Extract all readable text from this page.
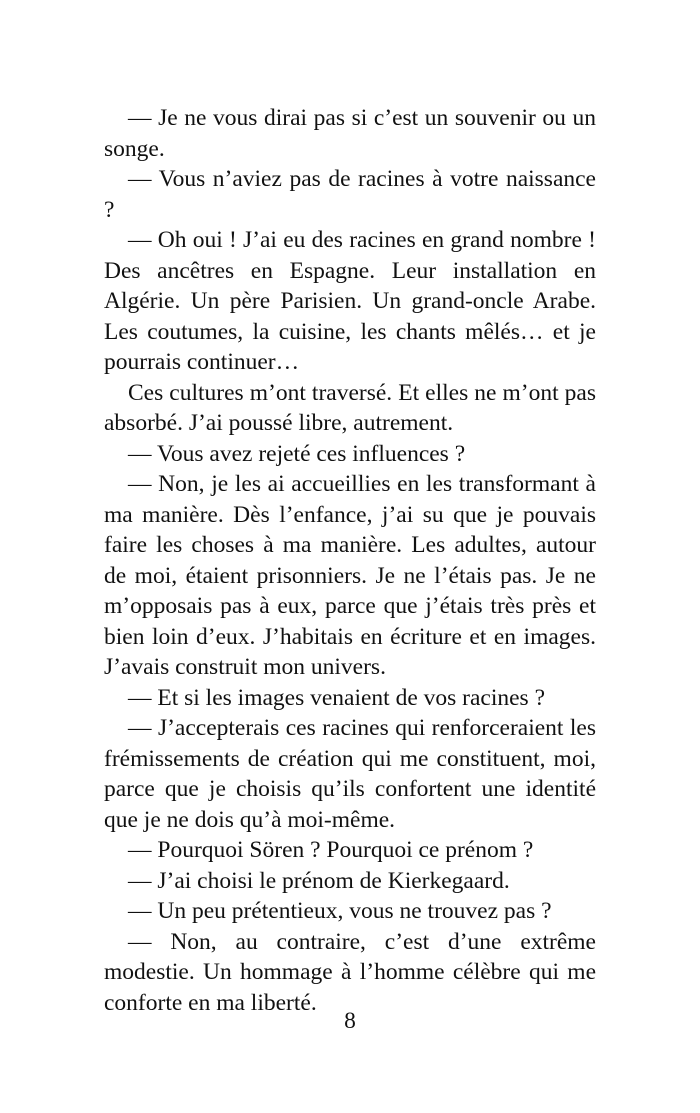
— Je ne vous dirai pas si c’est un souvenir ou un songe.

— Vous n’aviez pas de racines à votre naissance ?

— Oh oui ! J’ai eu des racines en grand nombre ! Des ancêtres en Espagne. Leur installation en Algérie. Un père Parisien. Un grand-oncle Arabe. Les coutumes, la cuisine, les chants mêlés… et je pourrais continuer…

Ces cultures m’ont traversé. Et elles ne m’ont pas absorbé. J’ai poussé libre, autrement.

— Vous avez rejeté ces influences ?

— Non, je les ai accueillies en les transformant à ma manière. Dès l’enfance, j’ai su que je pouvais faire les choses à ma manière. Les adultes, autour de moi, étaient prisonniers. Je ne l’étais pas. Je ne m’opposais pas à eux, parce que j’étais très près et bien loin d’eux. J’habitais en écriture et en images. J’avais construit mon univers.

— Et si les images venaient de vos racines ?

— J’accepterais ces racines qui renforceraient les frémissements de création qui me constituent, moi, parce que je choisis qu’ils confortent une identité que je ne dois qu’à moi-même.

— Pourquoi Sören ? Pourquoi ce prénom ?

— J’ai choisi le prénom de Kierkegaard.

— Un peu prétentieux, vous ne trouvez pas ?

— Non, au contraire, c’est d’une extrême modestie. Un hommage à l’homme célèbre qui me conforte en ma liberté.

8
